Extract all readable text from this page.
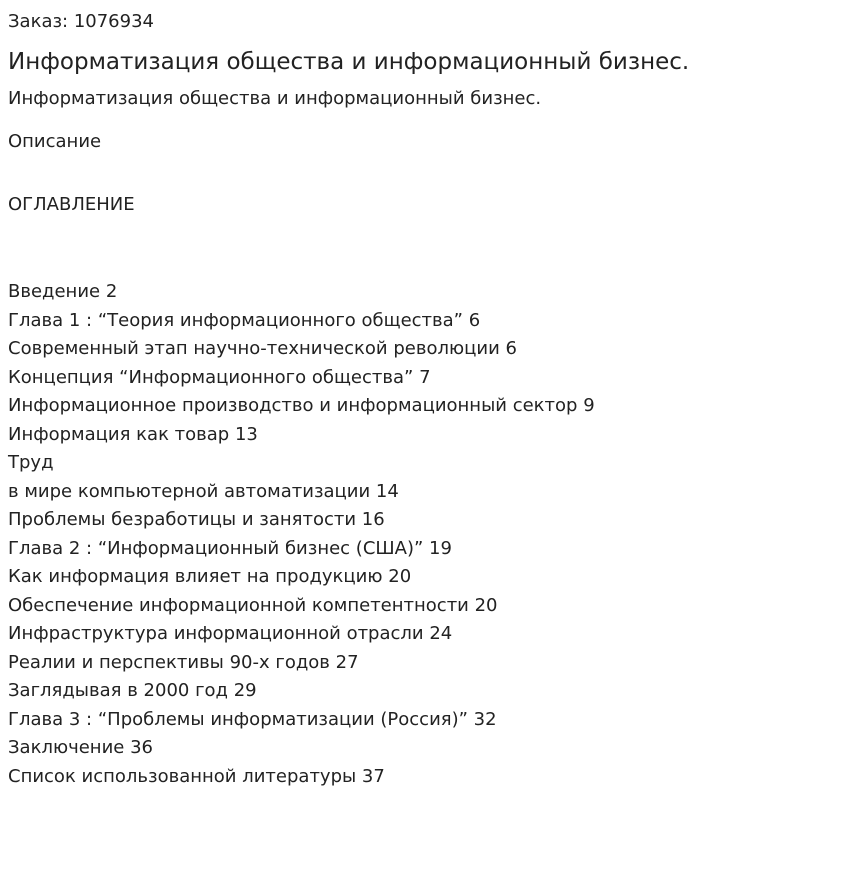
Заказ: 1076934
Информатизация общества и информационный бизнес.
Информатизация общества и информационный бизнес.
Описание
ОГЛАВЛЕНИЕ
Введение 2
Глава 1 : “Теория информационного общества” 6
Современный этап научно-технической революции 6
Концепция “Информационного общества” 7
Информационное производство и информационный сектор 9
Информация как товар 13
Труд
в мире компьютерной автоматизации 14
Проблемы безработицы и занятости 16
Глава 2 : “Информационный бизнес (США)” 19
Как информация влияет на продукцию 20
Обеспечение информационной компетентности 20
Инфраструктура информационной отрасли 24
Реалии и перспективы 90-х годов 27
Заглядывая в 2000 год 29
Глава 3 : “Проблемы информатизации (Россия)” 32
Заключение 36
Список использованной литературы 37
